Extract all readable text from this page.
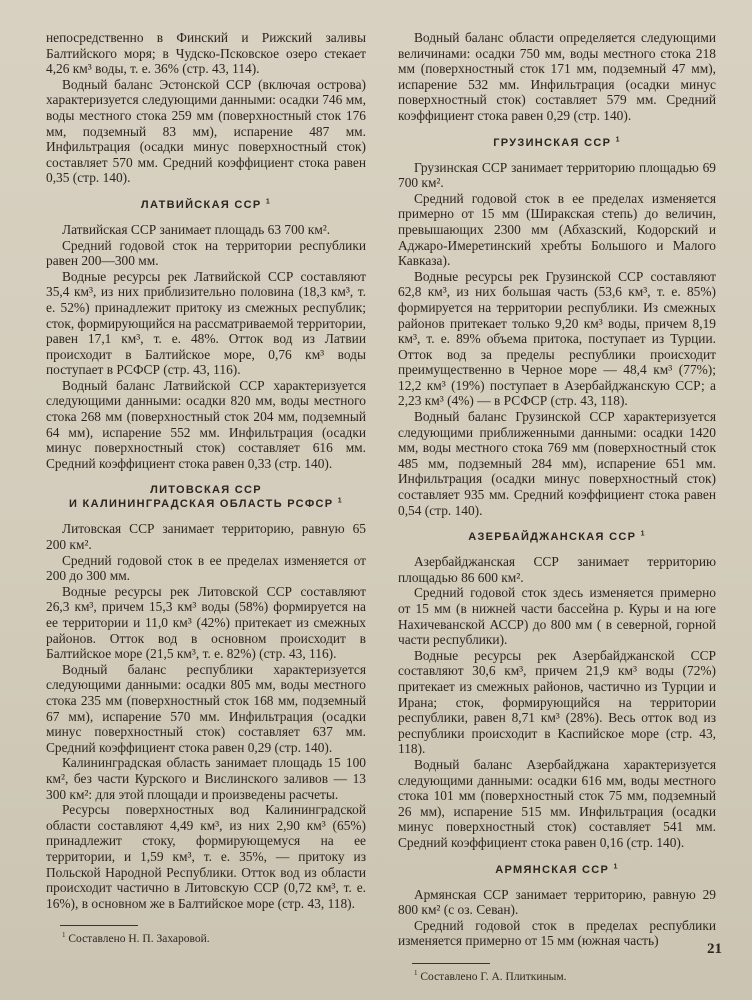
непосредственно в Финский и Рижский заливы Балтийского моря; в Чудско-Псковское озеро стекает 4,26 км³ воды, т. е. 36% (стр. 43, 114).

Водный баланс Эстонской ССР (включая острова) характеризуется следующими данными: осадки 746 мм, воды местного стока 259 мм (поверхностный сток 176 мм, подземный 83 мм), испарение 487 мм. Инфильтрация (осадки минус поверхностный сток) составляет 570 мм. Средний коэффициент стока равен 0,35 (стр. 140).

ЛАТВИЙСКАЯ ССР $^1$

Латвийская ССР занимает площадь 63 700 км².

Средний годовой сток на территории республики равен 200—300 мм.

Водные ресурсы рек Латвийской ССР составляют 35,4 км³, из них приблизительно половина (18,3 км³, т. е. 52%) принадлежит притоку из смежных республик; сток, формирующийся на рассматриваемой территории, равен 17,1 км³, т. е. 48%. Отток вод из Латвии происходит в Балтийское море, 0,76 км³ воды поступает в РСФСР (стр. 43, 116).

Водный баланс Латвийской ССР характеризуется следующими данными: осадки 820 мм, воды местного стока 268 мм (поверхностный сток 204 мм, подземный 64 мм), испарение 552 мм. Инфильтрация (осадки минус поверхностный сток) составляет 616 мм. Средний коэффициент стока равен 0,33 (стр. 140).

ЛИТОВСКАЯ ССР
И КАЛИНИНГРАДСКАЯ ОБЛАСТЬ РСФСР $^1$

Литовская ССР занимает территорию, равную 65 200 км².

Средний годовой сток в ее пределах изменяется от 200 до 300 мм.

Водные ресурсы рек Литовской ССР составляют 26,3 км³, причем 15,3 км³ воды (58%) формируется на ее территории и 11,0 км³ (42%) притекает из смежных районов. Отток вод в основном происходит в Балтийское море (21,5 км³, т. е. 82%) (стр. 43, 116).

Водный баланс республики характеризуется следующими данными: осадки 805 мм, воды местного стока 235 мм (поверхностный сток 168 мм, подземный 67 мм), испарение 570 мм. Инфильтрация (осадки минус поверхностный сток) составляет 637 мм. Средний коэффициент стока равен 0,29 (стр. 140).

Калининградская область занимает площадь 15 100 км², без части Курского и Вислинского заливов — 13 300 км²: для этой площади и произведены расчеты.

Ресурсы поверхностных вод Калининградской области составляют 4,49 км³, из них 2,90 км³ (65%) принадлежит стоку, формирующемуся на ее территории, и 1,59 км³, т. е. 35%, — притоку из Польской Народной Республики. Отток вод из области происходит частично в Литовскую ССР (0,72 км³, т. е. 16%), в основном же в Балтийское море (стр. 43, 118).

$^1$ Составлено Н. П. Захаровой.

Водный баланс области определяется следующими величинами: осадки 750 мм, воды местного стока 218 мм (поверхностный сток 171 мм, подземный 47 мм), испарение 532 мм. Инфильтрация (осадки минус поверхностный сток) составляет 579 мм. Средний коэффициент стока равен 0,29 (стр. 140).

ГРУЗИНСКАЯ ССР $^1$

Грузинская ССР занимает территорию площадью 69 700 км².

Средний годовой сток в ее пределах изменяется примерно от 15 мм (Ширакская степь) до величин, превышающих 2300 мм (Абхазский, Кодорский и Аджаро-Имеретинский хребты Большого и Малого Кавказа).

Водные ресурсы рек Грузинской ССР составляют 62,8 км³, из них большая часть (53,6 км³, т. е. 85%) формируется на территории республики. Из смежных районов притекает только 9,20 км³ воды, причем 8,19 км³, т. е. 89% объема притока, поступает из Турции. Отток вод за пределы республики происходит преимущественно в Черное море — 48,4 км³ (77%); 12,2 км³ (19%) поступает в Азербайджанскую ССР; а 2,23 км³ (4%) — в РСФСР (стр. 43, 118).

Водный баланс Грузинской ССР характеризуется следующими приближенными данными: осадки 1420 мм, воды местного стока 769 мм (поверхностный сток 485 мм, подземный 284 мм), испарение 651 мм. Инфильтрация (осадки минус поверхностный сток) составляет 935 мм. Средний коэффициент стока равен 0,54 (стр. 140).

АЗЕРБАЙДЖАНСКАЯ ССР $^1$

Азербайджанская ССР занимает территорию площадью 86 600 км².

Средний годовой сток здесь изменяется примерно от 15 мм (в нижней части бассейна р. Куры и на юге Нахичеванской АССР) до 800 мм ( в северной, горной части республики).

Водные ресурсы рек Азербайджанской ССР составляют 30,6 км³, причем 21,9 км³ воды (72%) притекает из смежных районов, частично из Турции и Ирана; сток, формирующийся на территории республики, равен 8,71 км³ (28%). Весь отток вод из республики происходит в Каспийское море (стр. 43, 118).

Водный баланс Азербайджана характеризуется следующими данными: осадки 616 мм, воды местного стока 101 мм (поверхностный сток 75 мм, подземный 26 мм), испарение 515 мм. Инфильтрация (осадки минус поверхностный сток) составляет 541 мм. Средний коэффициент стока равен 0,16 (стр. 140).

АРМЯНСКАЯ ССР $^1$

Армянская ССР занимает территорию, равную 29 800 км² (с оз. Севан).

Средний годовой сток в пределах республики изменяется примерно от 15 мм (южная часть)

$^1$ Составлено Г. А. Плиткиным.
21
